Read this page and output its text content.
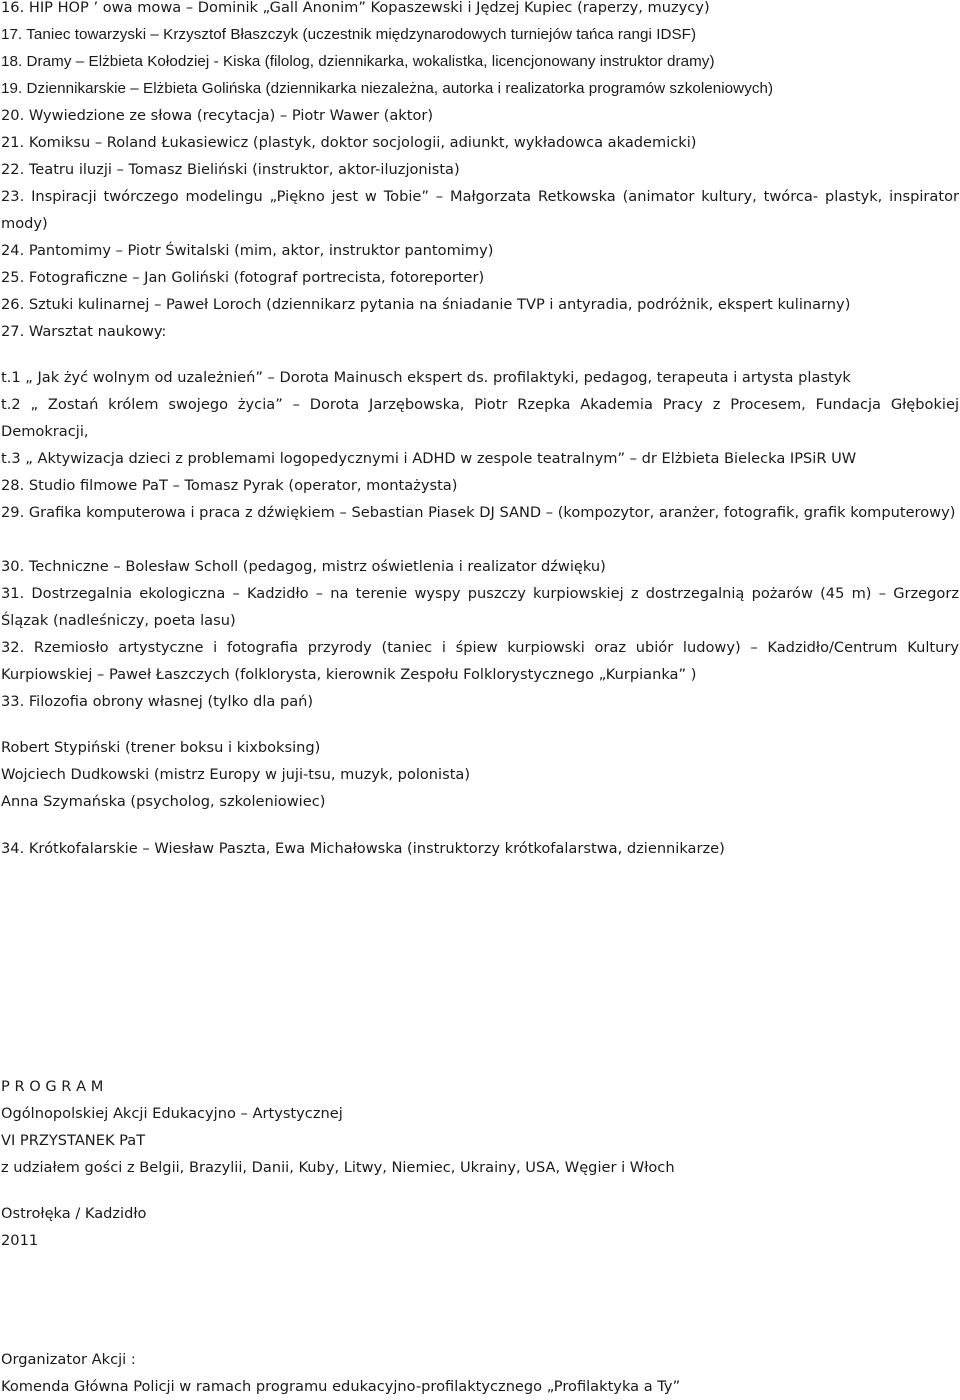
16. HIP HOP ’ owa mowa – Dominik „Gall Anonim” Kopaszewski i Jędzej Kupiec (raperzy, muzycy)
17. Taniec towarzyski – Krzysztof Błaszczyk (uczestnik międzynarodowych turniejów tańca rangi IDSF)
18. Dramy – Elżbieta Kołodziej - Kiska (filolog, dziennikarka, wokalistka, licencjonowany instruktor dramy)
19. Dziennikarskie – Elżbieta Golińska (dziennikarka niezależna, autorka i realizatorka programów szkoleniowych)
20. Wywiedzione ze słowa (recytacja) – Piotr Wawer (aktor)
21. Komiksu – Roland Łukasiewicz (plastyk, doktor socjologii, adiunkt, wykładowca akademicki)
22. Teatru iluzji – Tomasz Bieliński (instruktor, aktor-iluzjonista)
23. Inspiracji twórczego modelingu „Piękno jest w Tobie” – Małgorzata Retkowska (animator kultury, twórca- plastyk, inspirator mody)
24. Pantomimy – Piotr Świtalski (mim, aktor, instruktor pantomimy)
25. Fotograficzne – Jan Goliński (fotograf portrecista, fotoreporter)
26. Sztuki kulinarnej – Paweł Loroch (dziennikarz pytania na śniadanie TVP i antyradia, podróżnik, ekspert kulinarny)
27. Warsztat naukowy:
t.1 „ Jak żyć wolnym od uzależnień” – Dorota Mainusch ekspert ds. profilaktyki, pedagog, terapeuta i artysta plastyk
t.2 „ Zostań królem swojego życia” – Dorota Jarzębowska, Piotr Rzepka Akademia Pracy z Procesem, Fundacja Głębokiej Demokracji,
t.3 „ Aktywizacja dzieci z problemami logopedycznymi i ADHD w zespole teatralnym” – dr Elżbieta Bielecka IPSiR UW
28. Studio filmowe PaT – Tomasz Pyrak (operator, montażysta)
29. Grafika komputerowa i praca z dźwiękiem – Sebastian Piasek DJ SAND – (kompozytor, aranżer, fotografik, grafik komputerowy)
30. Techniczne – Bolesław Scholl (pedagog, mistrz oświetlenia i realizator dźwięku)
31. Dostrzegalnia ekologiczna – Kadzidło – na terenie wyspy puszczy kurpiowskiej z dostrzegalnią pożarów (45 m) – Grzegorz Ślązak (nadleśniczy, poeta lasu)
32. Rzemiosło artystyczne i fotografia przyrody (taniec i śpiew kurpiowski oraz ubiór ludowy) – Kadzidło/Centrum Kultury Kurpiowskiej – Paweł Łaszczych (folklorysta, kierownik Zespołu Folklorystycznego „Kurpianka” )
33. Filozofia obrony własnej (tylko dla pań)
Robert Stypiński (trener boksu i kixboksing)
Wojciech Dudkowski (mistrz Europy w juji-tsu, muzyk, polonista)
Anna Szymańska (psycholog, szkoleniowiec)
34. Krótkofalarskie – Wiesław Paszta, Ewa Michałowska (instruktorzy krótkofalarstwa, dziennikarze)
P R O G R A M
Ogólnopolskiej Akcji Edukacyjno – Artystycznej
VI PRZYSTANEK PaT
z udziałem gości z Belgii, Brazylii, Danii, Kuby, Litwy, Niemiec, Ukrainy, USA, Węgier i Włoch
Ostrołęka / Kadzidło
2011
Organizator Akcji :
Komenda Główna Policji w ramach programu edukacyjno-profilaktycznego „Profilaktyka a Ty”
